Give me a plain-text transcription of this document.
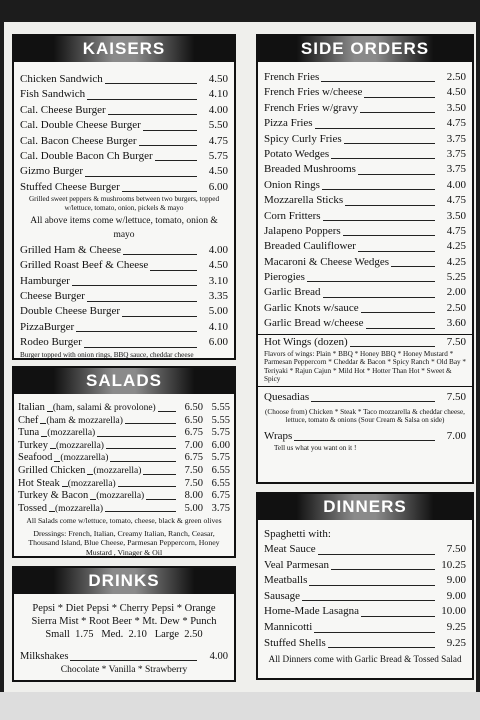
KAISERS
Chicken Sandwich	4.50
Fish Sandwich	4.10
Cal. Cheese Burger	4.00
Cal. Double Cheese Burger	5.50
Cal. Bacon Cheese Burger	4.75
Cal. Double Bacon Ch Burger	5.75
Gizmo Burger	4.50
Stuffed Cheese Burger	6.00
Grilled sweet peppers & mushrooms between two burgers, topped w/lettuce, tomato, onion, pickels & mayo
All above items come w/lettuce, tomato, onion & mayo
Grilled Ham & Cheese	4.00
Grilled Roast Beef & Cheese	4.50
Hamburger	3.10
Cheese Burger	3.35
Double Cheese Burger	5.00
PizzaBurger	4.10
Rodeo Burger	6.00
Burger topped with onion rings, BBQ sauce, cheddar cheese
SALADS
Italian (ham, salami & provolone)	6.50 5.55
Chef (ham & mozzarella)	6.50 5.55
Tuna (mozzarella)	6.75 5.75
Turkey (mozzarella)	7.00 6.00
Seafood (mozzarella)	6.75 5.75
Grilled Chicken (mozzarella)	7.50 6.55
Hot Steak (mozzarella)	7.50 6.55
Turkey & Bacon (mozzarella)	8.00 6.75
Tossed (mozzarella)	5.00 3.75
All Salads come w/lettuce, tomato, cheese, black & green olives
Dressings: French, Italian, Creamy Italian, Ranch, Ceasar, Thousand Island, Blue Cheese, Parmesan Peppercorn, Honey Mustard , Vinager & Oil
DRINKS
Pepsi * Diet Pepsi * Cherry Pepsi * Orange
Sierra Mist * Root Beer * Mt. Dew * Punch
Small  1.75   Med.  2.10   Large  2.50
Milkshakes	4.00
Chocolate * Vanilla * Strawberry
SIDE ORDERS
French Fries	2.50
French Fries w/cheese	4.50
French Fries w/gravy	3.50
Pizza Fries	4.75
Spicy Curly Fries	3.75
Potato Wedges	3.75
Breaded Mushrooms	3.75
Onion Rings	4.00
Mozzarella Sticks	4.75
Corn Fritters	3.50
Jalapeno Poppers	4.75
Breaded Cauliflower	4.25
Macaroni & Cheese Wedges	4.25
Pierogies	5.25
Garlic Bread	2.00
Garlic Knots w/sauce	2.50
Garlic Bread w/cheese	3.60
Hot Wings (dozen)	7.50
Flavors of wings: Plain * BBQ * Honey BBQ * Honey Mustard * Parmesan Peppercorn * Cheddar & Bacon * Spicy Ranch * Old Bay * Teriyaki * Rajun Cajun * Mild Hot * Hotter Than Hot * Sweet & Spicy
Quesadias	7.50
(Choose from) Chicken * Steak * Taco mozzarella & cheddar cheese, lettuce, tomato & onions (Sour Cream & Salsa on side)
Wraps	7.00
Tell us what you want on it !
DINNERS
Spaghetti with:
Meat Sauce	7.50
Veal Parmesan	10.25
Meatballs	9.00
Sausage	9.00
Home-Made Lasagna	10.00
Mannicotti	9.25
Stuffed Shells	9.25
All Dinners come with Garlic Bread & Tossed Salad
